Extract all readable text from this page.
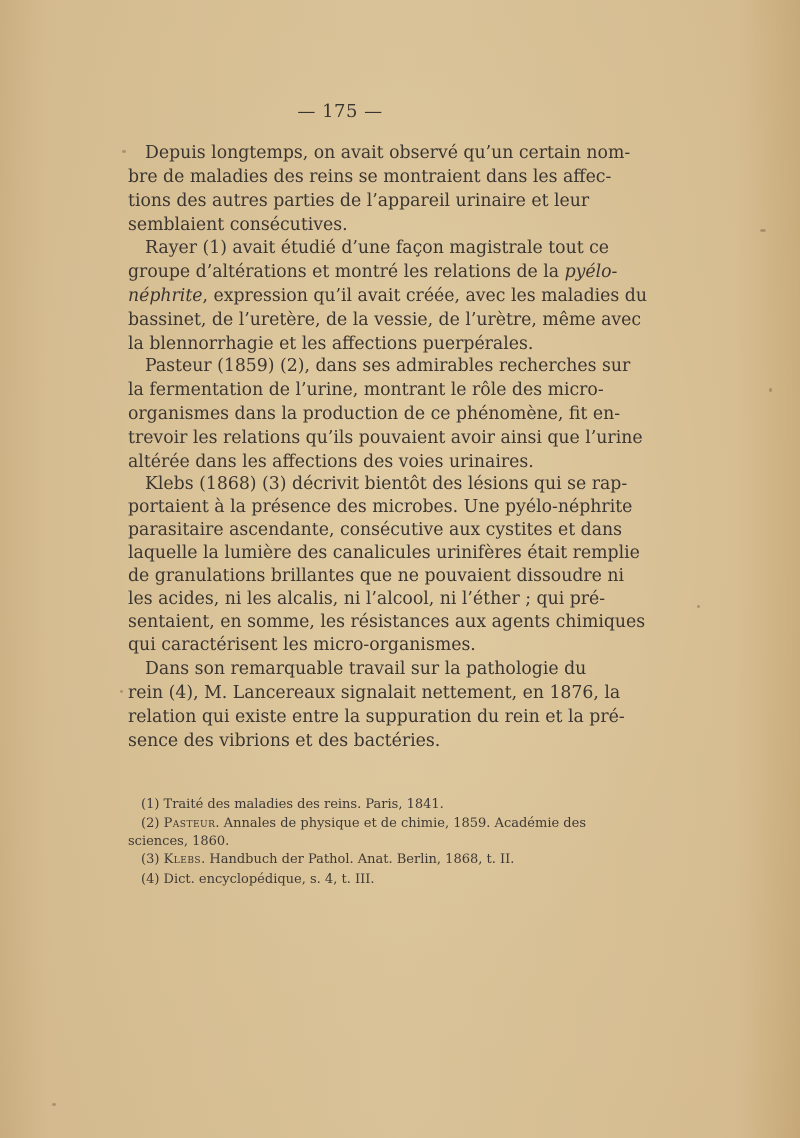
— 175 —
Depuis longtemps, on avait observé qu’un certain nom-
bre de maladies des reins se montraient dans les affec-
tions des autres parties de l’appareil urinaire et leur
semblaient consécutives.
Rayer (1) avait étudié d’une façon magistrale tout ce
groupe d’altérations et montré les relations de la pyélo-
néphrite, expression qu’il avait créée, avec les maladies du
bassinet, de l’uretère, de la vessie, de l’urètre, même avec
la blennorrhagie et les affections puerpérales.
Pasteur (1859) (2), dans ses admirables recherches sur
la fermentation de l’urine, montrant le rôle des micro-
organismes dans la production de ce phénomène, fit en-
trevoir les relations qu’ils pouvaient avoir ainsi que l’urine
altérée dans les affections des voies urinaires.
Klebs (1868) (3) décrivit bientôt des lésions qui se rap-
portaient à la présence des microbes. Une pyélo-néphrite
parasitaire ascendante, consécutive aux cystites et dans
laquelle la lumière des canalicules urinifères était remplie
de granulations brillantes que ne pouvaient dissoudre ni
les acides, ni les alcalis, ni l’alcool, ni l’éther ; qui pré-
sentaient, en somme, les résistances aux agents chimiques
qui caractérisent les micro-organismes.
Dans son remarquable travail sur la pathologie du
rein (4), M. Lancereaux signalait nettement, en 1876, la
relation qui existe entre la suppuration du rein et la pré-
sence des vibrions et des bactéries.
(1) Traité des maladies des reins. Paris, 1841.
(2) Pasteur. Annales de physique et de chimie, 1859. Académie des
sciences, 1860.
(3) Klebs. Handbuch der Pathol. Anat. Berlin, 1868, t. II.
(4) Dict. encyclopédique, s. 4, t. III.
